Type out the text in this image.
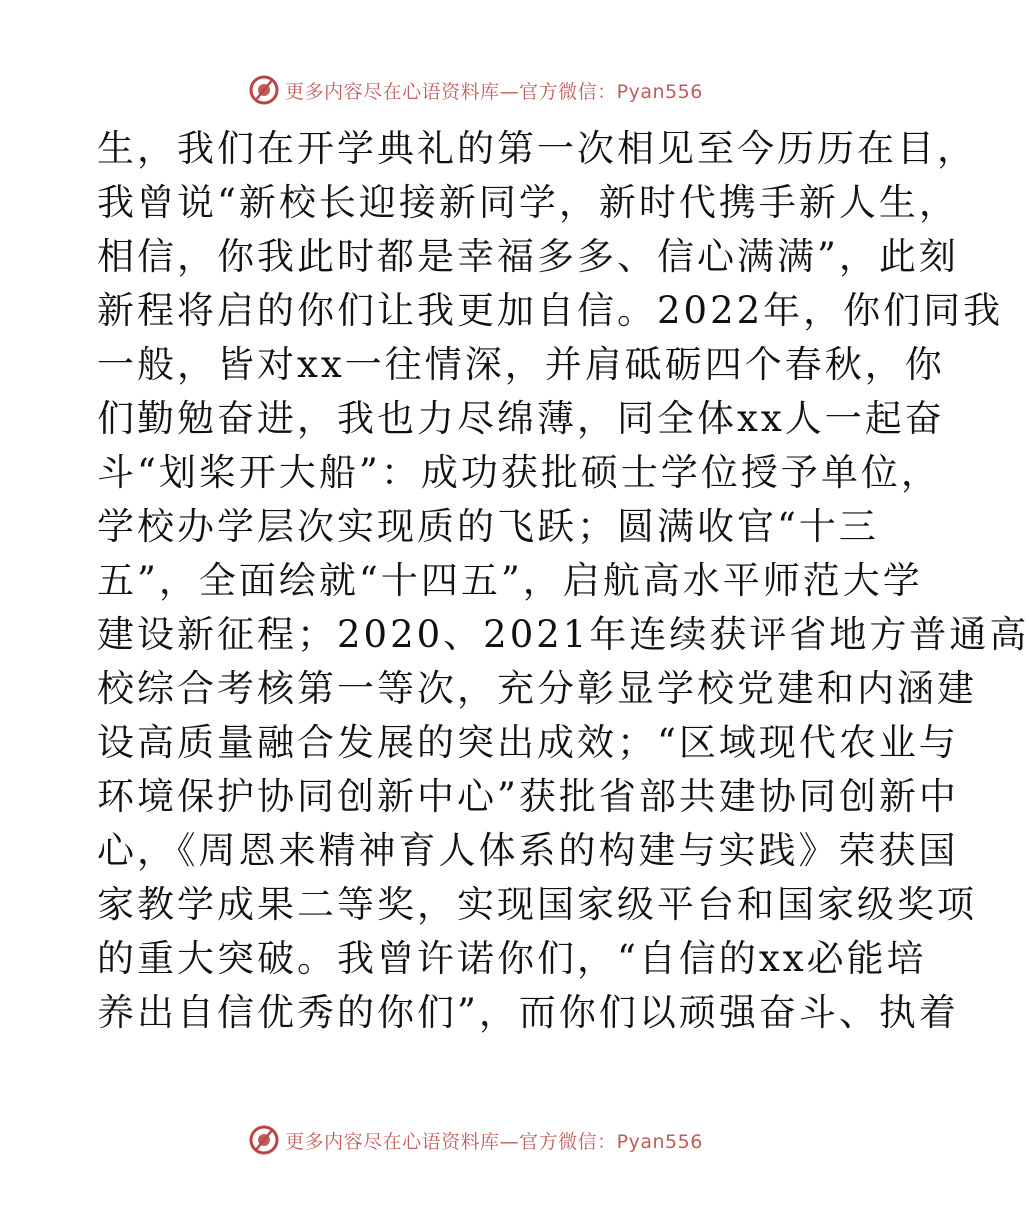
更多内容尽在心语资料库—官方微信：Pyan556
生，我们在开学典礼的第一次相见至今历历在目，
我曾说“新校长迎接新同学，新时代携手新人生，
相信，你我此时都是幸福多多、信心满满”，此刻
新程将启的你们让我更加自信。2022年，你们同我
一般，皆对xx一往情深，并肩砥砺四个春秋，你
们勤勉奋进，我也力尽绵薄，同全体xx人一起奋
斗“划桨开大船”：成功获批硕士学位授予单位，
学校办学层次实现质的飞跃；圆满收官“十三
五”，全面绘就“十四五”，启航高水平师范大学
建设新征程；2020、2021年连续获评省地方普通高
校综合考核第一等次，充分彰显学校党建和内涵建
设高质量融合发展的突出成效；“区域现代农业与
环境保护协同创新中心”获批省部共建协同创新中
心，《周恩来精神育人体系的构建与实践》荣获国
家教学成果二等奖，实现国家级平台和国家级奖项
的重大突破。我曾许诺你们，“自信的xx必能培
养出自信优秀的你们”，而你们以顽强奋斗、执着
更多内容尽在心语资料库—官方微信：Pyan556
